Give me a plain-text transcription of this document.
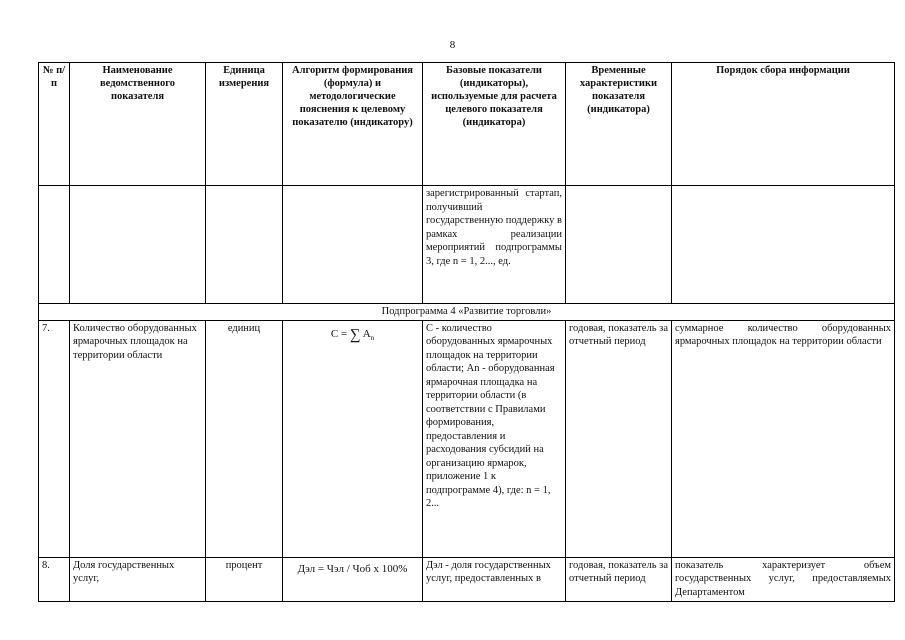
8
№ п/п	Наименование ведомственного показателя	Единица измерения	Алгоритм формирования (формула) и методологические пояснения к целевому показателю (индикатору)	Базовые показатели (индикаторы), используемые для расчета целевого показателя (индикатора)	Временные характеристики показателя (индикатора)	Порядок сбора информации
				зарегистрированный стартап, получивший государственную поддержку в рамках реализации мероприятий подпрограммы 3, где n = 1, 2..., ед.		
Подпрограмма 4 «Развитие торговли»						
7.	Количество оборудованных ярмарочных площадок на территории области	единиц	C = ∑ $A_n$	С - количество оборудованных ярмарочных площадок на территории области; An - оборудованная ярмарочная площадка на территории области (в соответствии с Правилами формирования, предоставления и расходования субсидий на организацию ярмарок, приложение 1 к подпрограмме 4), где: n = 1, 2...	годовая, показатель за отчетный период	суммарное количество оборудованных ярмарочных площадок на территории области
8.	Доля государственных услуг,	процент	Дэл = Чэл / Чоб x 100%	Дэл - доля государственных услуг, предоставленных в	годовая, показатель за отчетный период	показатель характеризует объем государственных услуг, предоставляемых Департаментом
